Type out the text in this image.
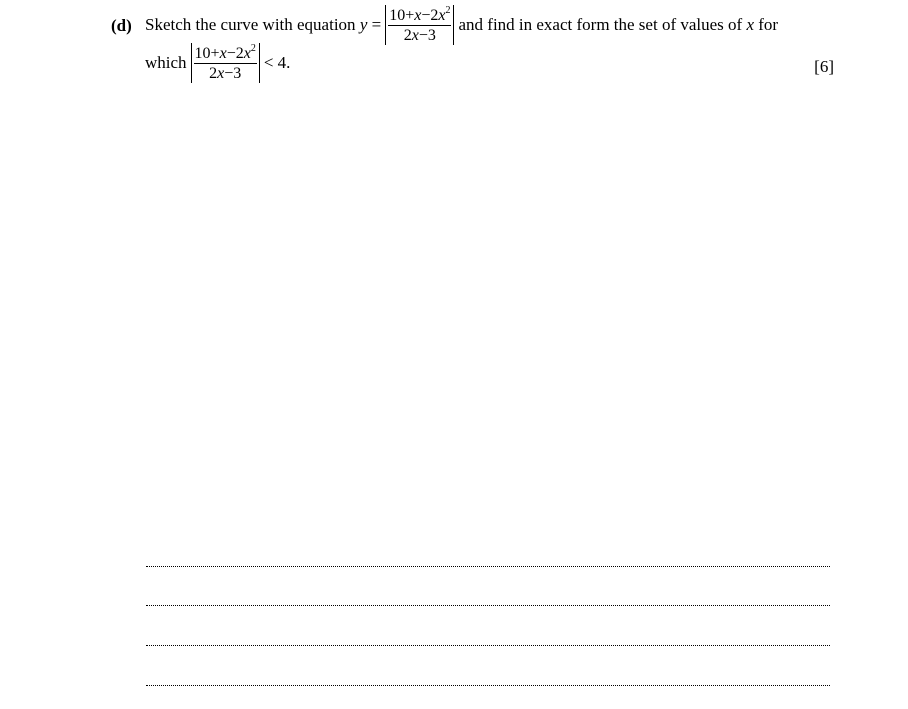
(d) Sketch the curve with equation
y
= $\frac{10+x-2x^2}{2x-3}$ and find in exact form the set of values of
x
for
which $\frac{10+x-2x^2}{2x-3} < 4$.	[6]
